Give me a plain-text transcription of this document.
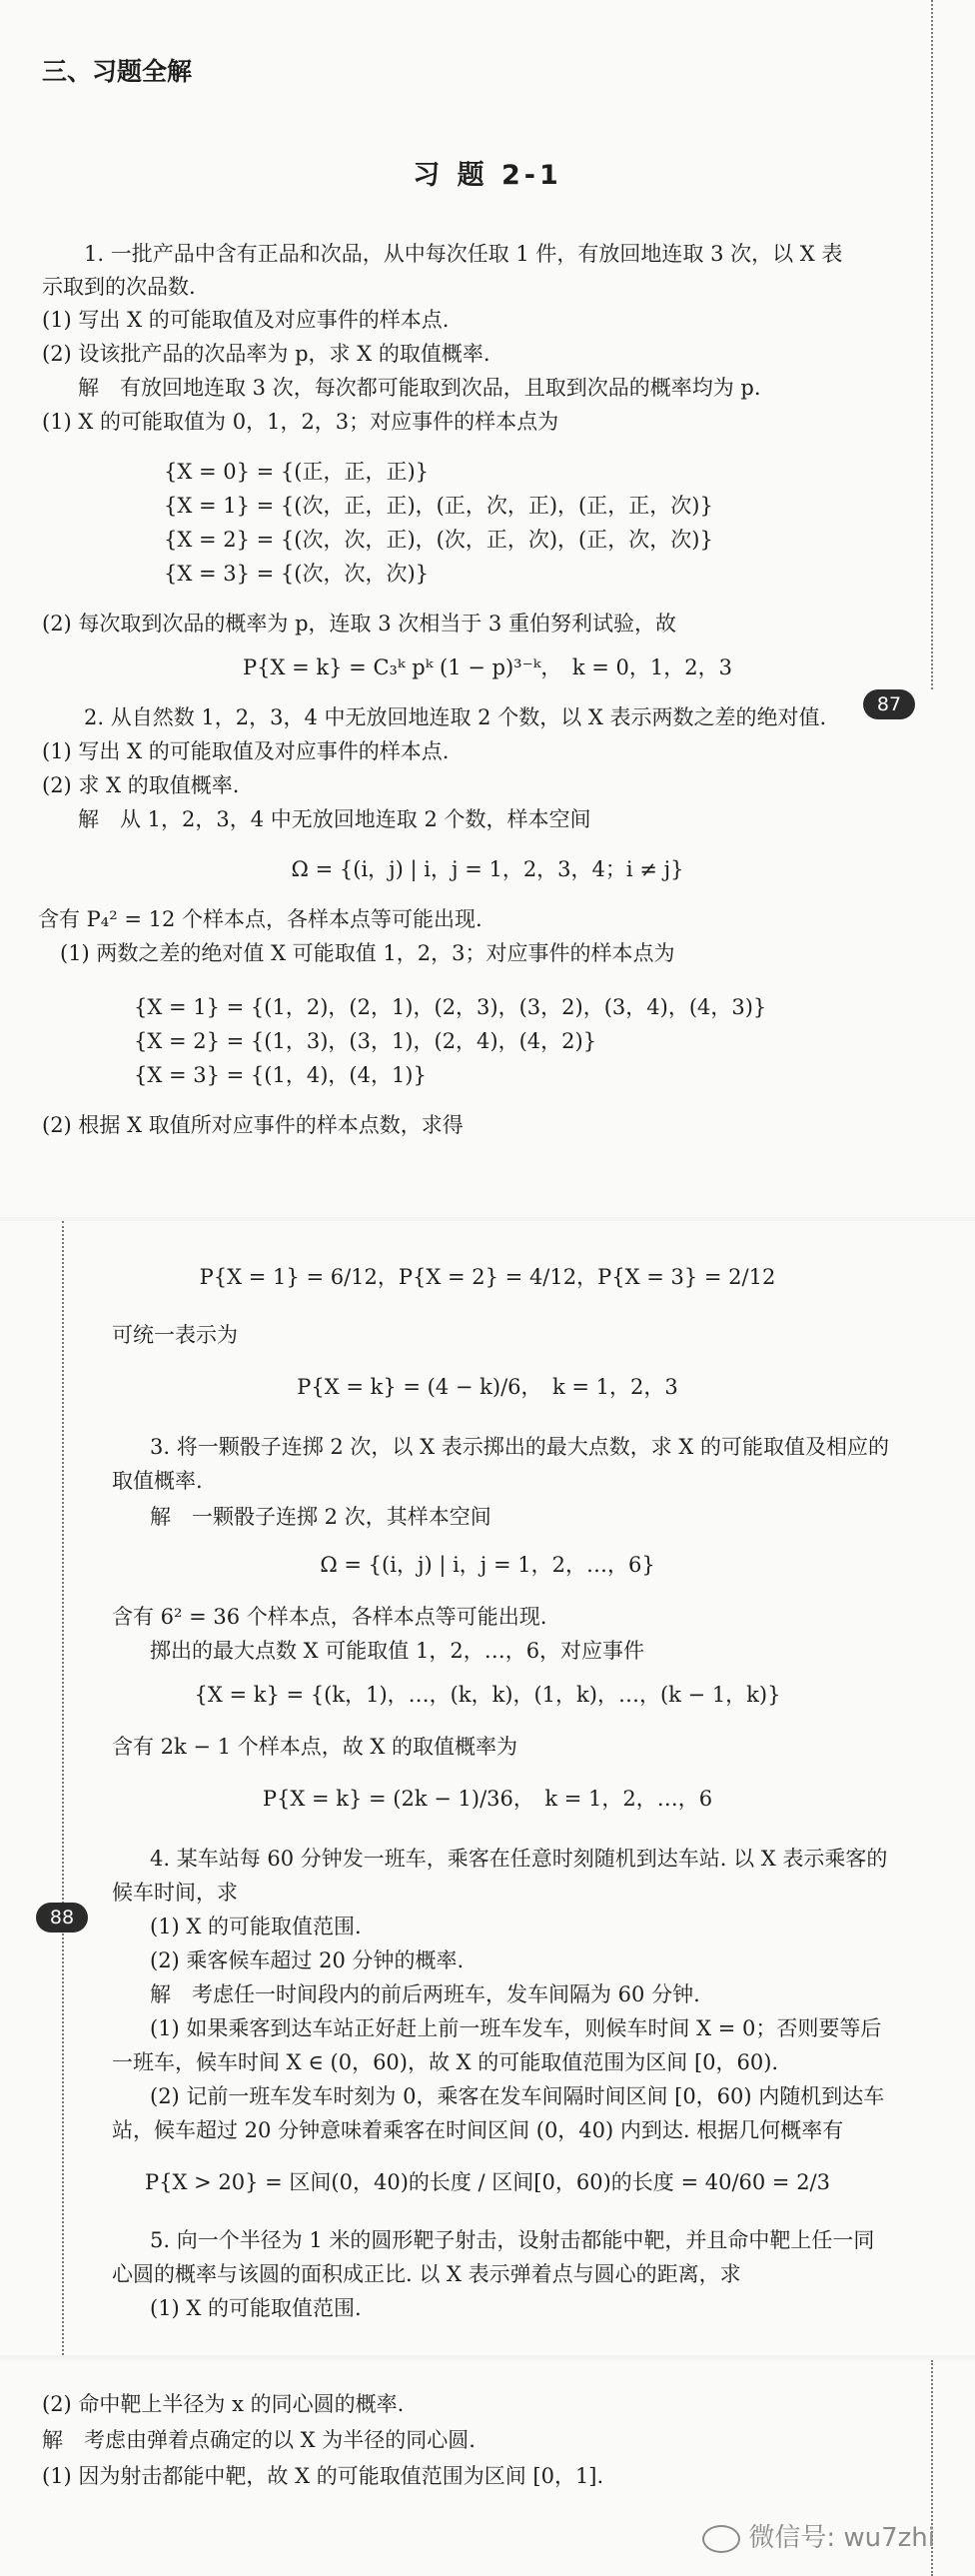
87
三、习题全解
习 题 2-1
1. 一批产品中含有正品和次品，从中每次任取 1 件，有放回地连取 3 次，以 X 表
示取到的次品数.
(1) 写出 X 的可能取值及对应事件的样本点.
(2) 设该批产品的次品率为 p，求 X 的取值概率.
解　有放回地连取 3 次，每次都可能取到次品，且取到次品的概率均为 p.
(1) X 的可能取值为 0，1，2，3；对应事件的样本点为
{X = 0} = {(正，正，正)}
{X = 1} = {(次，正，正)，(正，次，正)，(正，正，次)}
{X = 2} = {(次，次，正)，(次，正，次)，(正，次，次)}
{X = 3} = {(次，次，次)}
(2) 每次取到次品的概率为 p，连取 3 次相当于 3 重伯努利试验，故
P{X = k} = C₃ᵏ pᵏ (1 − p)³⁻ᵏ，　k = 0，1，2，3
2. 从自然数 1，2，3，4 中无放回地连取 2 个数，以 X 表示两数之差的绝对值.
(1) 写出 X 的可能取值及对应事件的样本点.
(2) 求 X 的取值概率.
解　从 1，2，3，4 中无放回地连取 2 个数，样本空间
Ω = {(i，j) | i，j = 1，2，3，4；i ≠ j}
含有 P₄² = 12 个样本点，各样本点等可能出现.
(1) 两数之差的绝对值 X 可能取值 1，2，3；对应事件的样本点为
{X = 1} = {(1，2)，(2，1)，(2，3)，(3，2)，(3，4)，(4，3)}
{X = 2} = {(1，3)，(3，1)，(2，4)，(4，2)}
{X = 3} = {(1，4)，(4，1)}
(2) 根据 X 取值所对应事件的样本点数，求得
88
P{X = 1} = 6/12，P{X = 2} = 4/12，P{X = 3} = 2/12
可统一表示为
P{X = k} = (4 − k)/6，　k = 1，2，3
3. 将一颗骰子连掷 2 次，以 X 表示掷出的最大点数，求 X 的可能取值及相应的
取值概率.
解　一颗骰子连掷 2 次，其样本空间
Ω = {(i，j) | i，j = 1，2，…，6}
含有 6² = 36 个样本点，各样本点等可能出现.
掷出的最大点数 X 可能取值 1，2，…，6，对应事件
{X = k} = {(k，1)，…，(k，k)，(1，k)，…，(k − 1，k)}
含有 2k − 1 个样本点，故 X 的取值概率为
P{X = k} = (2k − 1)/36，　k = 1，2，…，6
4. 某车站每 60 分钟发一班车，乘客在任意时刻随机到达车站. 以 X 表示乘客的
候车时间，求
(1) X 的可能取值范围.
(2) 乘客候车超过 20 分钟的概率.
解　考虑任一时间段内的前后两班车，发车间隔为 60 分钟.
(1) 如果乘客到达车站正好赶上前一班车发车，则候车时间 X = 0；否则要等后
一班车，候车时间 X ∈ (0，60)，故 X 的可能取值范围为区间 [0，60).
(2) 记前一班车发车时刻为 0，乘客在发车间隔时间区间 [0，60) 内随机到达车
站，候车超过 20 分钟意味着乘客在时间区间 (0，40) 内到达. 根据几何概率有
P{X > 20} = 区间(0，40)的长度 / 区间[0，60)的长度 = 40/60 = 2/3
5. 向一个半径为 1 米的圆形靶子射击，设射击都能中靶，并且命中靶上任一同
心圆的概率与该圆的面积成正比. 以 X 表示弹着点与圆心的距离，求
(1) X 的可能取值范围.
(2) 命中靶上半径为 x 的同心圆的概率.
解　考虑由弹着点确定的以 X 为半径的同心圆.
(1) 因为射击都能中靶，故 X 的可能取值范围为区间 [0，1].
微信号: wu7zhi
